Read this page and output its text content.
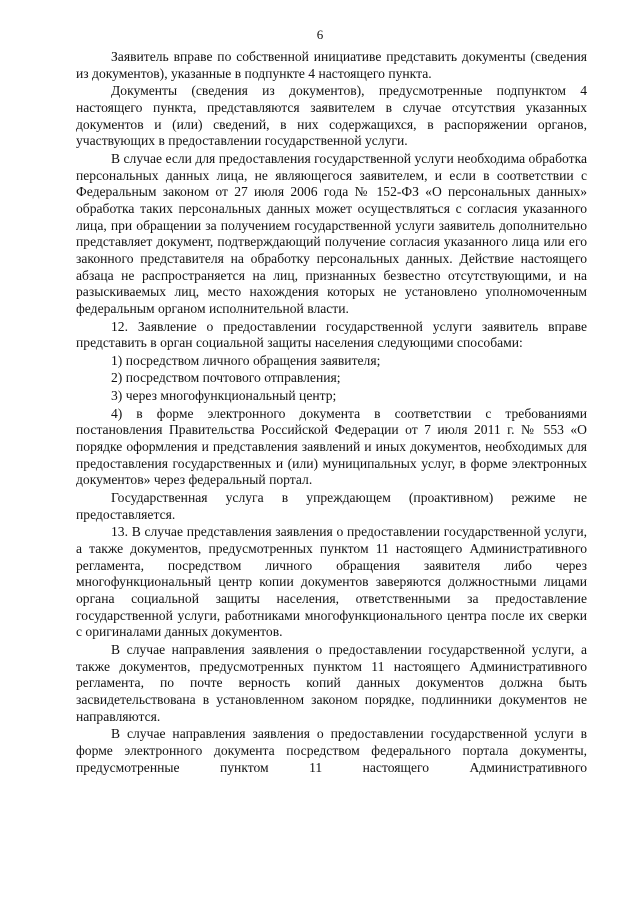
6

Заявитель вправе по собственной инициативе представить документы (сведения из документов), указанные в подпункте 4 настоящего пункта.

Документы (сведения из документов), предусмотренные подпунктом 4 настоящего пункта, представляются заявителем в случае отсутствия указанных документов и (или) сведений, в них содержащихся, в распоряжении органов, участвующих в предоставлении государственной услуги.

В случае если для предоставления государственной услуги необходима обработка персональных данных лица, не являющегося заявителем, и если в соответствии с Федеральным законом от 27 июля 2006 года № 152-ФЗ «О персональных данных» обработка таких персональных данных может осуществляться с согласия указанного лица, при обращении за получением государственной услуги заявитель дополнительно представляет документ, подтверждающий получение согласия указанного лица или его законного представителя на обработку персональных данных. Действие настоящего абзаца не распространяется на лиц, признанных безвестно отсутствующими, и на разыскиваемых лиц, место нахождения которых не установлено уполномоченным федеральным органом исполнительной власти.

12. Заявление о предоставлении государственной услуги заявитель вправе представить в орган социальной защиты населения следующими способами:

1) посредством личного обращения заявителя;

2) посредством почтового отправления;

3) через многофункциональный центр;

4) в форме электронного документа в соответствии с требованиями постановления Правительства Российской Федерации от 7 июля 2011 г. № 553 «О порядке оформления и представления заявлений и иных документов, необходимых для предоставления государственных и (или) муниципальных услуг, в форме электронных документов» через федеральный портал.

Государственная услуга в упреждающем (проактивном) режиме не предоставляется.

13. В случае представления заявления о предоставлении государственной услуги, а также документов, предусмотренных пунктом 11 настоящего Административного регламента, посредством личного обращения заявителя либо через многофункциональный центр копии документов заверяются должностными лицами органа социальной защиты населения, ответственными за предоставление государственной услуги, работниками многофункционального центра после их сверки с оригиналами данных документов.

В случае направления заявления о предоставлении государственной услуги, а также документов, предусмотренных пунктом 11 настоящего Административного регламента, по почте верность копий данных документов должна быть засвидетельствована в установленном законом порядке, подлинники документов не направляются.

В случае направления заявления о предоставлении государственной услуги в форме электронного документа посредством федерального портала документы, предусмотренные пунктом 11 настоящего Административного
